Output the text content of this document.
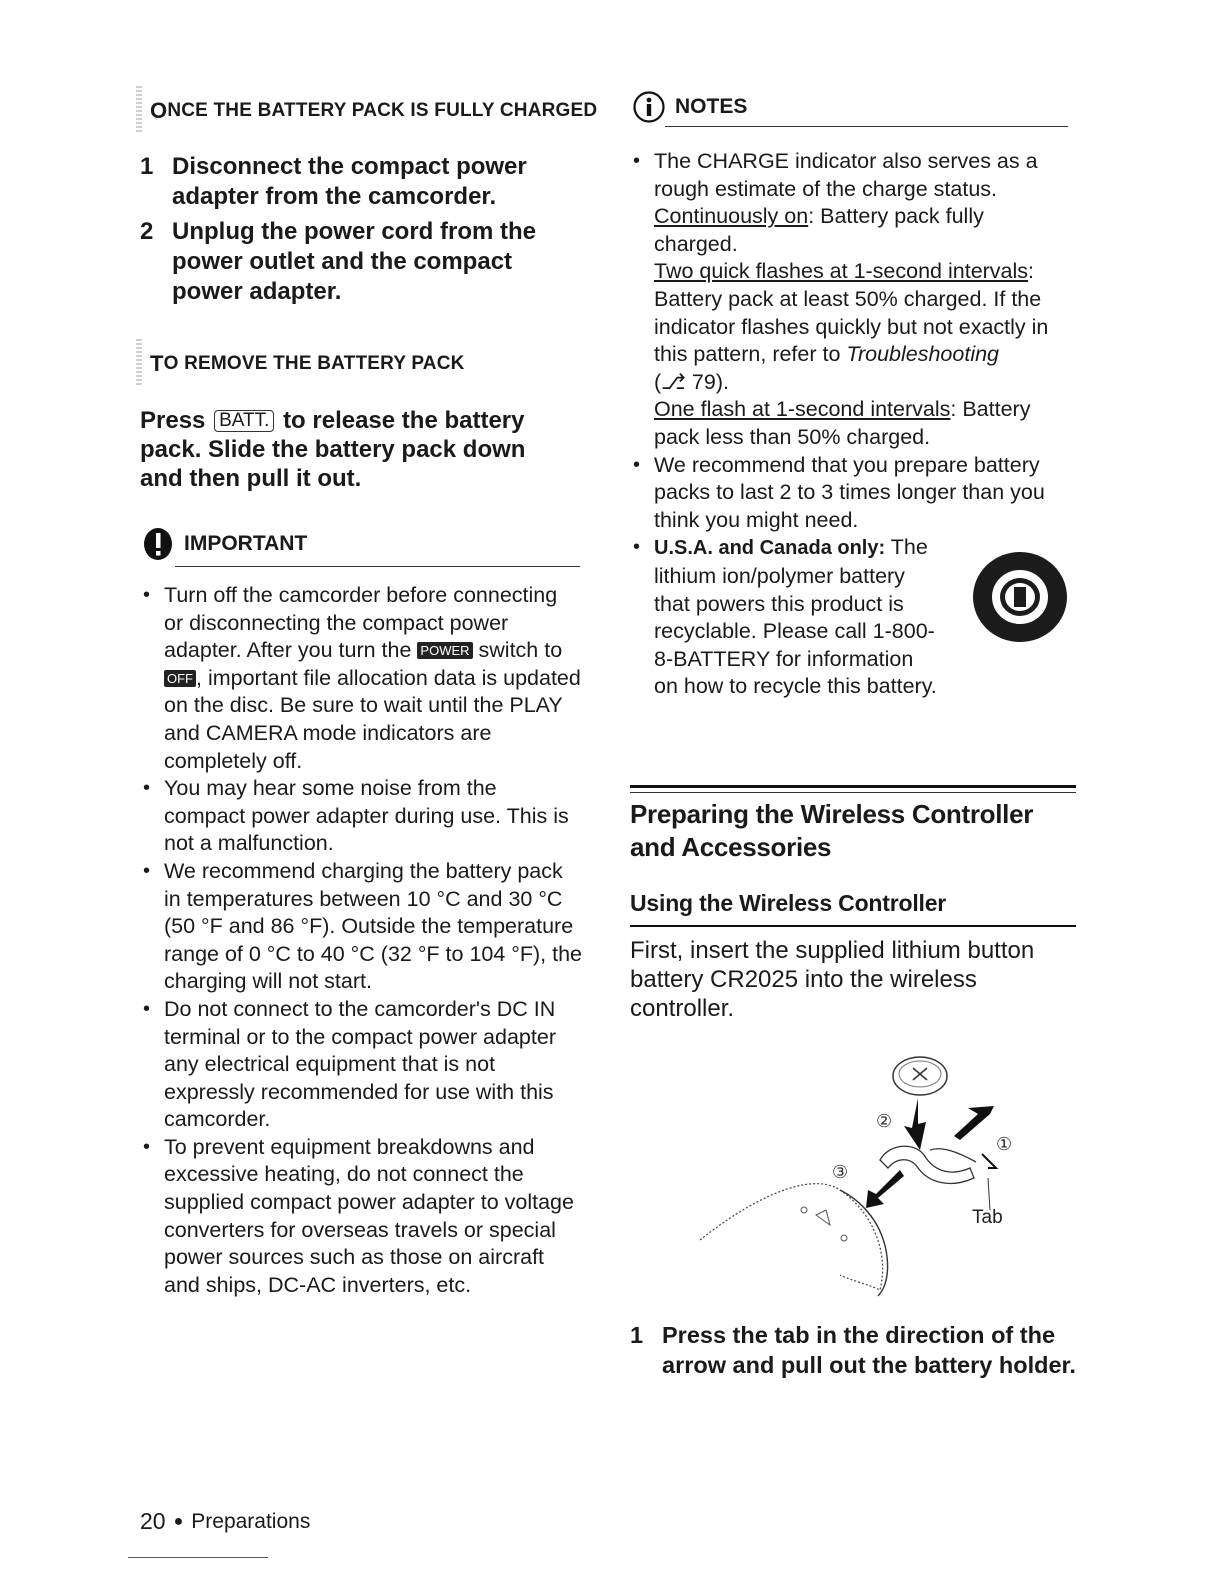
O NCE THE BATTERY PACK IS FULLY CHARGED
1 Disconnect the compact power adapter from the camcorder.
2 Unplug the power cord from the power outlet and the compact power adapter.
T O REMOVE THE BATTERY PACK
Press BATT. to release the battery pack. Slide the battery pack down and then pull it out.
IMPORTANT
• Turn off the camcorder before connecting or disconnecting the compact power adapter. After you turn the POWER switch to OFF , important file allocation data is updated on the disc. Be sure to wait until the PLAY and CAMERA mode indicators are completely off.
• You may hear some noise from the compact power adapter during use. This is not a malfunction.
• We recommend charging the battery pack in temperatures between 10 °C and 30 °C (50 °F and 86 °F). Outside the temperature range of 0 °C to 40 °C (32 °F to 104 °F), the charging will not start.
• Do not connect to the camcorder's DC IN terminal or to the compact power adapter any electrical equipment that is not expressly recommended for use with this camcorder.
• To prevent equipment breakdowns and excessive heating, do not connect the supplied compact power adapter to voltage converters for overseas travels or special power sources such as those on aircraft and ships, DC-AC inverters, etc.
NOTES
• The CHARGE indicator also serves as a rough estimate of the charge status.
Continuously on: Battery pack fully charged.
Two quick flashes at 1-second intervals: Battery pack at least 50% charged. If the indicator flashes quickly but not exactly in this pattern, refer to Troubleshooting
(⎇ 79).
One flash at 1-second intervals: Battery pack less than 50% charged.
• We recommend that you prepare battery packs to last 2 to 3 times longer than you think you might need.
• U.S.A. and Canada only: The lithium ion/polymer battery that powers this product is recyclable. Please call 1-800-8-BATTERY for information on how to recycle this battery.
Preparing the Wireless Controller and Accessories
Using the Wireless Controller
First, insert the supplied lithium button battery CR2025 into the wireless controller.
①
②
③
Tab
1 Press the tab in the direction of the arrow and pull out the battery holder.
20 ● Preparations
